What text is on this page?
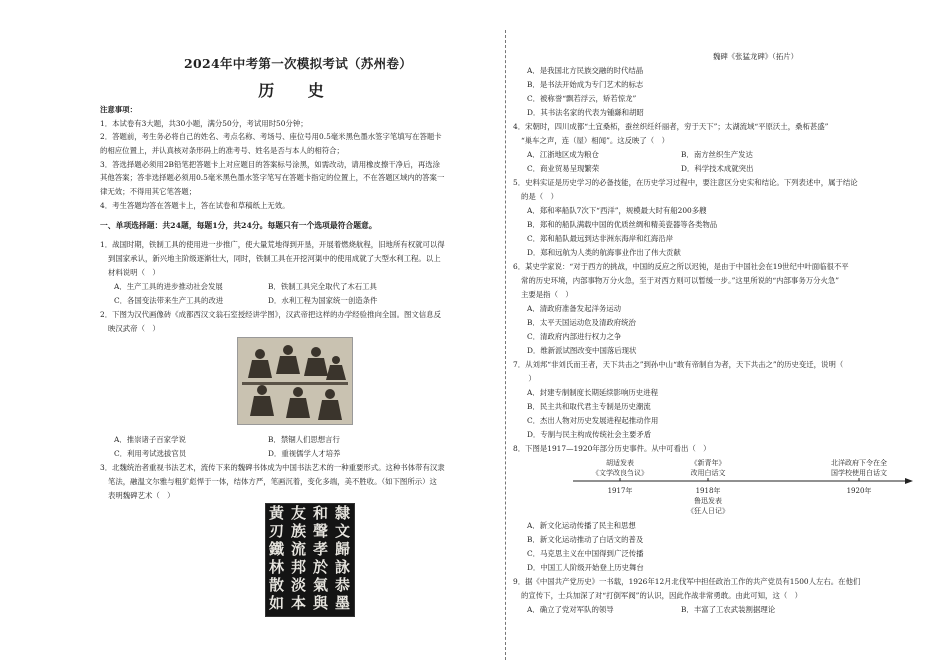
2024年中考第一次模拟考试（苏州卷）
历 史
注意事项：
1．本试卷有3大题，共30小题，满分50分，考试用时50分钟；
2．答题前，考生务必将自己的姓名、考点名称、考场号、座位号用0.5毫米黑色墨水签字笔填写在答题卡
的相应位置上，并认真核对条形码上的准考号、姓名是否与本人的相符合；
3．答选择题必须用2B铅笔把答题卡上对应题目的答案标号涂黑，如需改动，请用橡皮擦干净后，再选涂
其他答案；答非选择题必须用0.5毫米黑色墨水签字笔写在答题卡指定的位置上，不在答题区域内的答案一
律无效；不得用其它笔答题；
4．考生答题均答在答题卡上，答在试卷和草稿纸上无效。
一、单项选择题：共24题，每题1分，共24分。每题只有一个选项最符合题意。
1．战国时期，铁制工具的使用进一步推广，使大量荒地得到开垦，开展着燃烧航程，旧地所有权就可以得
到国家承认，新兴地主阶级逐渐壮大，同时，铁制工具在开挖河渠中的使用成就了大型水利工程。以上
材料说明（　）
A．生产工具的进步推动社会发展	B．铁制工具完全取代了木石工具
C．各国变法带来生产工具的改进	D．水利工程为国家统一创造条件
2．下图为汉代画像砖《成都西汉文翁石室授经讲学图》，汉武帝把这样的办学经验推向全国。图文信息反
映汉武帝（　）
A．推崇诸子百家学说	B．禁锢人们思想言行
C．利用考试选拔官员	D．重视儒学人才培养
3．北魏统治者重视书法艺术，流传下来的魏碑书体成为中国书法艺术的一种重要形式。这种书体带有汉隶
笔法，融温文尔雅与粗犷彪悍于一体，结体方严，笔画沉着，变化多端，美不胜收。（如下图所示）这
表明魏碑艺术（　）
隸
文
歸
詠
恭
墨
和
聲
孝
於
氣
與
友
族
流
邦
淡
本
黃
刃
鐵
林
散
如
魏碑《张猛龙碑》（拓片）
A．是我国北方民族交融的时代结晶
B．是书法开始成为专门艺术的标志
C．被称誉“飘若浮云，矫若惊龙”
D．其书法名家的代表为锺繇和胡昭
4．宋朝时，四川成都“土宜桑柘，蚕丝织纴纤丽者，穷于天下”；太湖流域“平原沃土，桑柘甚盛”
“巢车之声，连（屋）相闻”。这反映了（　）
A．江浙地区成为粮仓	B．南方丝织生产发达
C．商业贸易呈现繁荣	D．科学技术成就突出
5．史料实证是历史学习的必备技能，在历史学习过程中，要注意区分史实和结论。下列表述中，属于结论
的是（　）
A．郑和率船队7次下“西洋”，规模最大时有船200多艘
B．郑和的船队满载中国的优质丝绸和精美瓷器等各类物品
C．郑和船队最远到达非洲东海岸和红海沿岸
D．郑和远航为人类的航海事业作出了伟大贡献
6．某史学家说：“对于西方的挑战，中国的反应之所以迟钝，是由于中国社会在19世纪中叶面临很不平
常的历史环境，内部事物万分火急，至于对西方则可以暂缓一步。”这里所说的“内部事务万分火急”
主要是指（　）
A．清政府准备发起洋务运动
B．太平天国运动危及清政府统治
C．清政府内部进行权力之争
D．维新派试图改变中国落后现状
7．从刘邦“非刘氏而王者，天下共击之”到孙中山“敢有帝制自为者，天下共击之”的历史变迁，说明（
　）
A．封建专制制度长期延续影响历史进程
B．民主共和取代君主专制是历史潮流
C．杰出人物对历史发展进程起推动作用
D．专制与民主构成传统社会主要矛盾
8．下图是1917—1920年部分历史事件。从中可看出（　）
胡适发表
《文学改良刍议》
《新青年》
改用白话文
北洋政府下令在全
国学校使用白话文
1917年	1918年	1920年
鲁迅发表
《狂人日记》
A．新文化运动传播了民主和思想
B．新文化运动推动了白话文的普及
C．马克思主义在中国得到广泛传播
D．中国工人阶级开始登上历史舞台
9．据《中国共产党历史》一书载，1926年12月北伐军中担任政治工作的共产党员有1500人左右。在他们
的宣传下，士兵加深了对“打倒军阀”的认识，因此作战非常勇敢。由此可知，这（　）
A．确立了党对军队的领导	B．丰富了工农武装割据理论
